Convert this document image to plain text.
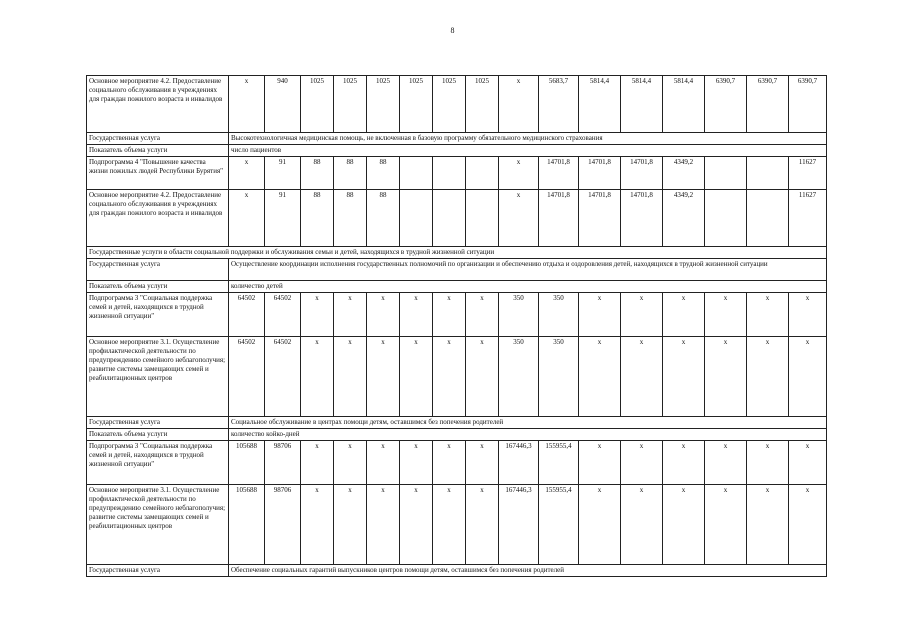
8
Основное мероприятие 4.2. Предоставление социального обслуживания в учреждениях для граждан пожилого возраста и инвалидов	х	940	1025	1025	1025	1025	1025	1025	х	5683,7	5814,4	5814,4	5814,4	6390,7	6390,7	6390,7
Государственная услуга	Высокотехнологичная медицинская помощь, не включенная в базовую программу обязательного медицинского страхования															
Показатель объема услуги	число пациентов															
Подпрограмма 4 "Повышение качества жизни пожилых людей Республики Бурятия"	х	91	88	88	88				х	14701,8	14701,8	14701,8	4349,2			11627
Основное мероприятие 4.2. Предоставление социального обслуживания в учреждениях для граждан пожилого возраста и инвалидов	х	91	88	88	88				х	14701,8	14701,8	14701,8	4349,2			11627
Государственные услуги в области социальной поддержки и обслуживания семьи и детей, находящихся в трудной жизненной ситуации																
Государственная услуга	Осуществление координации исполнения государственных полномочий по организации и обеспечению отдыха и оздоровления детей, находящихся в трудной жизненной ситуации															
Показатель объема услуги	количество детей															
Подпрограмма 3 "Социальная поддержка семей и детей, находящихся в трудной жизненной ситуации"	64502	64502	х	х	х	х	х	х	350	350	х	х	х	х	х	х
Основное мероприятие 3.1. Осуществление профилактической деятельности по предупреждению семейного неблагополучия; развитие системы замещающих семей и реабилитационных центров	64502	64502	х	х	х	х	х	х	350	350	х	х	х	х	х	х
Государственная услуга	Социальное обслуживание в центрах помощи детям, оставшимся без попечения родителей															
Показатель объема услуги	количество койко-дней															
Подпрограмма 3 "Социальная поддержка семей и детей, находящихся в трудной жизненной ситуации"	105688	98706	х	х	х	х	х	х	167446,3	155955,4	х	х	х	х	х	х
Основное мероприятие 3.1. Осуществление профилактической деятельности по предупреждению семейного неблагополучия; развитие системы замещающих семей и реабилитационных центров	105688	98706	х	х	х	х	х	х	167446,3	155955,4	х	х	х	х	х	х
Государственная услуга	Обеспечение социальных гарантий выпускников центров помощи детям, оставшимся без попечения родителей															
